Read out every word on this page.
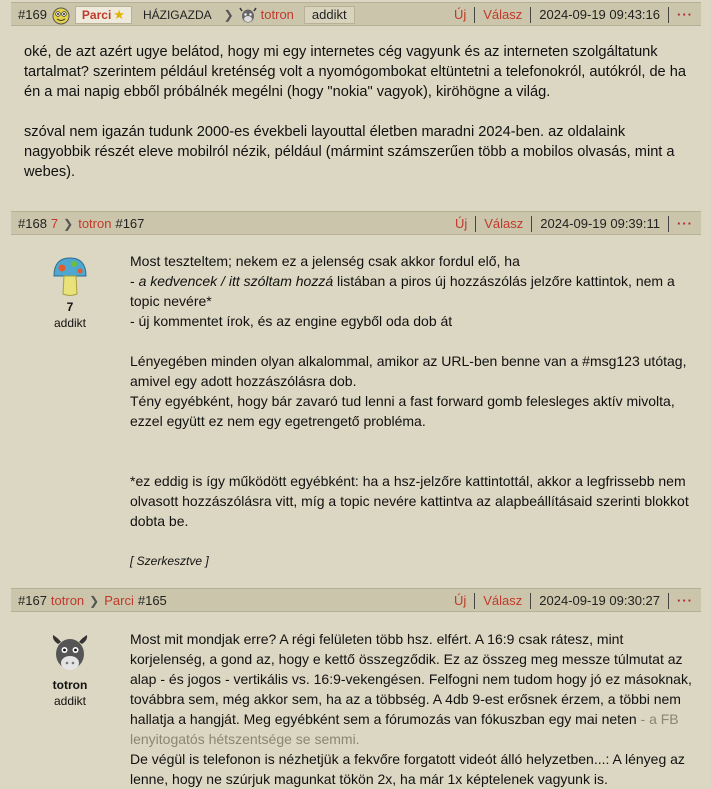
#169	Parci ★	HÁZIGAZDA	❯ totron	addikt	Új Válasz 2024-09-19 09:43:16 ···

oké, de azt azért ugye belátod, hogy mi egy internetes cég vagyunk és az interneten szolgáltatunk tartalmat? szerintem például kreténség volt a nyomógombokat eltüntetni a telefonokról, autókról, de ha én a mai napig ebből próbálnék megélni (hogy "nokia" vagyok), kiröhögne a világ.

szóval nem igazán tudunk 2000-es évekbeli layouttal életben maradni 2024-ben. az oldalaink nagyobbik részét eleve mobilról nézik, például (mármint számszerűen több a mobilos olvasás, mint a webes).

#168 7 ❯ totron #167	Új Válasz 2024-09-19 09:39:11 ···
7
addikt

Most teszteltem; nekem ez a jelenség csak akkor fordul elő, ha

- a kedvencek / itt szóltam hozzá listában a piros új hozzászólás jelzőre kattintok, nem a topic nevére*

- új kommentet írok, és az engine egyből oda dob át

Lényegében minden olyan alkalommal, amikor az URL-ben benne van a #msg123 utótag, amivel egy adott hozzászólásra dob.

Tény egyébként, hogy bár zavaró tud lenni a fast forward gomb felesleges aktív mivolta, ezzel együtt ez nem egy egetrengető probléma.

*ez eddig is így működött egyébként: ha a hsz-jelzőre kattintottál, akkor a legfrissebb nem olvasott hozzászólásra vitt, míg a topic nevére kattintva az alapbeállításaid szerinti blokkot dobta be.

[ Szerkesztve ]

#167 totron ❯ Parci #165	Új Válasz 2024-09-19 09:30:27 ···
totron
addikt

Most mit mondjak erre? A régi felületen több hsz. elfért. A 16:9 csak rátesz, mint korjelenség, a gond az, hogy e kettő összegződik. Ez az összeg meg messze túlmutat az alap - és jogos - vertikális vs. 16:9-vekengésen. Felfogni nem tudom hogy jó ez másoknak, továbbra sem, még akkor sem, ha az a többség. A 4db 9-est erősnek érzem, a többi nem hallatja a hangját. Meg egyébként sem a fórumozás van fókuszban egy mai neten - a FB lenyitogatós hétszentsége se semmi.

De végül is telefonon is nézhetjük a fekvőre forgatott videót álló helyzetben...: A lényeg az lenne, hogy ne szúrjuk magunkat tökön 2x, ha már 1x képtelenek vagyunk is.
